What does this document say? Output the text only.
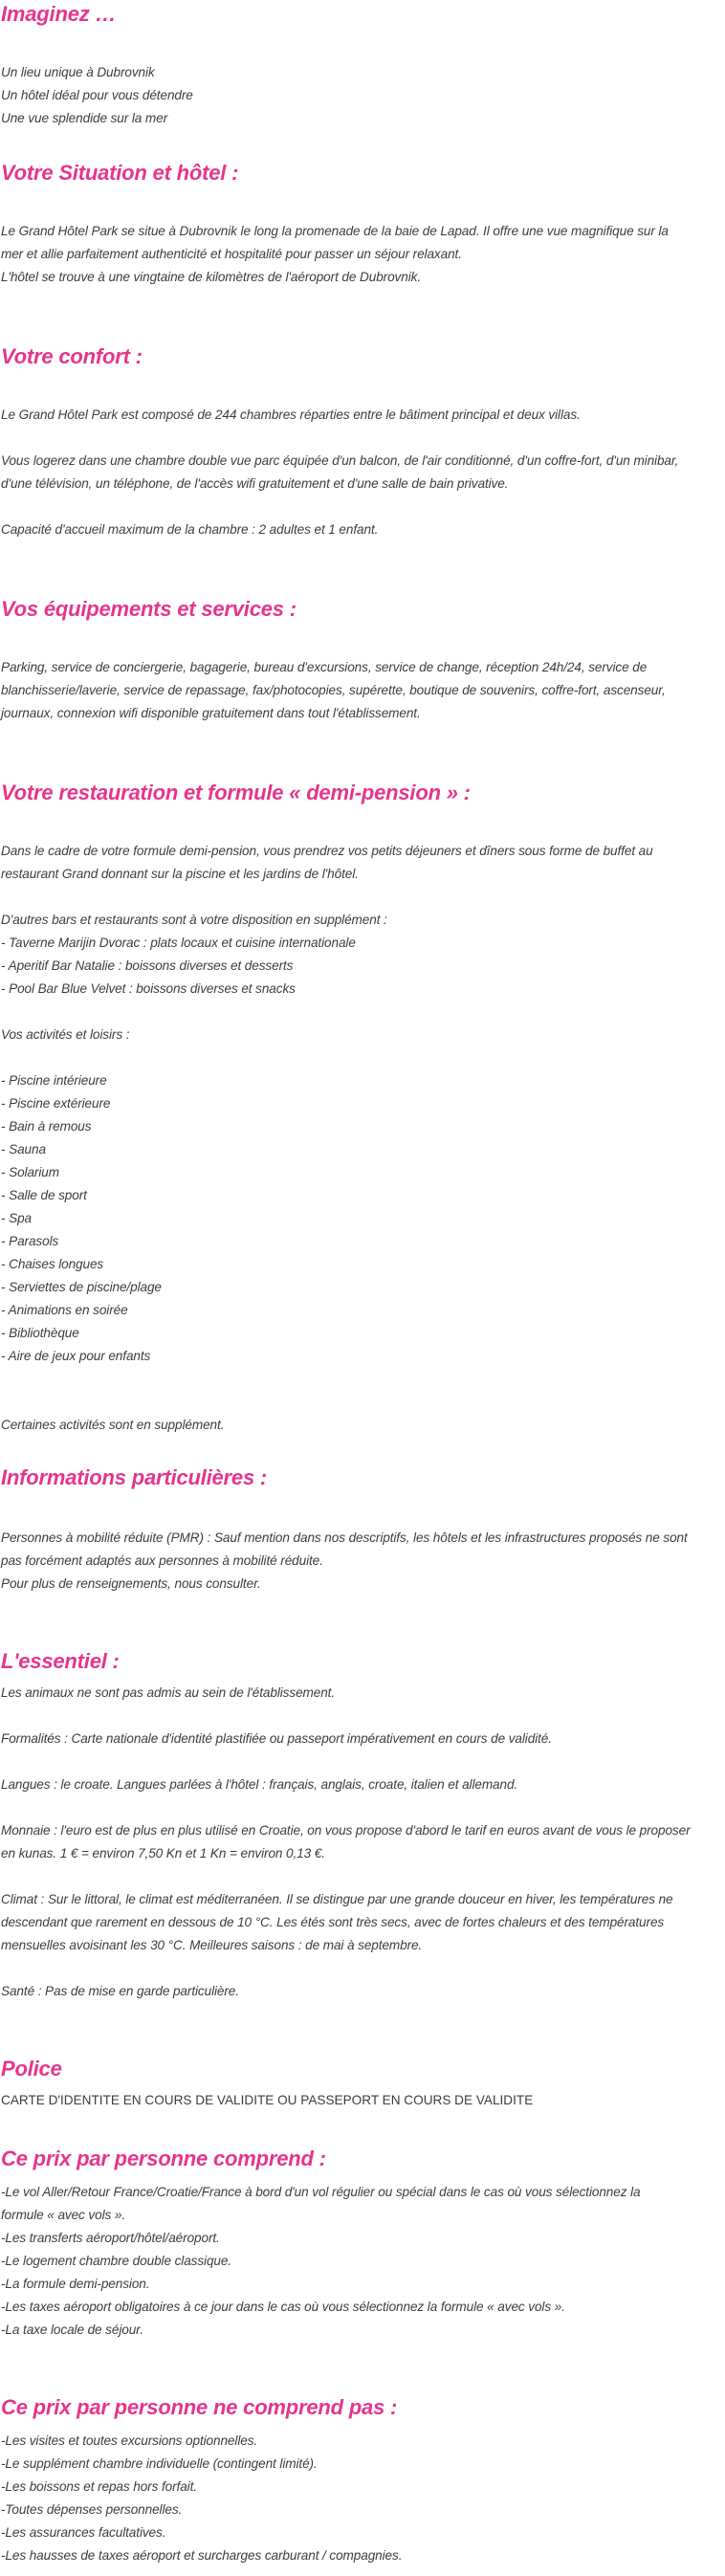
Imaginez …

Un lieu unique à Dubrovnik

Un hôtel idéal pour vous détendre

Une vue splendide sur la mer

Votre Situation et hôtel :

Le Grand Hôtel Park se situe à Dubrovnik le long la promenade de la baie de Lapad. Il offre une vue magnifique sur la

mer et allie parfaitement authenticité et hospitalité pour passer un séjour relaxant.

L'hôtel se trouve à une vingtaine de kilomètres de l'aéroport de Dubrovnik.

Votre confort :

Le Grand Hôtel Park est composé de 244 chambres réparties entre le bâtiment principal et deux villas.

Vous logerez dans une chambre double vue parc équipée d'un balcon, de l'air conditionné, d'un coffre-fort, d'un minibar,

d'une télévision, un téléphone, de l'accès wifi gratuitement et d'une salle de bain privative.

Capacité d'accueil maximum de la chambre : 2 adultes et 1 enfant.

Vos équipements et services :

Parking, service de conciergerie, bagagerie, bureau d'excursions, service de change, réception 24h/24, service de

blanchisserie/laverie, service de repassage, fax/photocopies, supérette, boutique de souvenirs, coffre-fort, ascenseur,

journaux, connexion wifi disponible gratuitement dans tout l'établissement.

Votre restauration et formule « demi-pension » :

Dans le cadre de votre formule demi-pension, vous prendrez vos petits déjeuners et dîners sous forme de buffet au

restaurant Grand donnant sur la piscine et les jardins de l'hôtel.

D'autres bars et restaurants sont à votre disposition en supplément :

- Taverne Marijin Dvorac : plats locaux et cuisine internationale

- Aperitif Bar Natalie : boissons diverses et desserts

- Pool Bar Blue Velvet : boissons diverses et snacks

Vos activités et loisirs :

- Piscine intérieure

- Piscine extérieure

- Bain à remous

- Sauna

- Solarium

- Salle de sport

- Spa

- Parasols

- Chaises longues

- Serviettes de piscine/plage

- Animations en soirée

- Bibliothèque

- Aire de jeux pour enfants

Certaines activités sont en supplément.

Informations particulières :

Personnes à mobilité réduite (PMR) : Sauf mention dans nos descriptifs, les hôtels et les infrastructures proposés ne sont

pas forcément adaptés aux personnes à mobilité réduite.

Pour plus de renseignements, nous consulter.

L'essentiel :

Les animaux ne sont pas admis au sein de l'établissement.

Formalités : Carte nationale d'identité plastifiée ou passeport impérativement en cours de validité.

Langues : le croate. Langues parlées à l'hôtel : français, anglais, croate, italien et allemand.

Monnaie : l'euro est de plus en plus utilisé en Croatie, on vous propose d'abord le tarif en euros avant de vous le proposer

en kunas. 1 € = environ 7,50 Kn et 1 Kn = environ 0,13 €.

Climat : Sur le littoral, le climat est méditerranéen. Il se distingue par une grande douceur en hiver, les températures ne

descendant que rarement en dessous de 10 °C. Les étés sont très secs, avec de fortes chaleurs et des températures

mensuelles avoisinant les 30 °C. Meilleures saisons : de mai à septembre.

Santé : Pas de mise en garde particulière.

Police

CARTE D'IDENTITE EN COURS DE VALIDITE OU PASSEPORT EN COURS DE VALIDITE

Ce prix par personne comprend :

-Le vol Aller/Retour France/Croatie/France à bord d'un vol régulier ou spécial dans le cas où vous sélectionnez la

formule « avec vols ».

-Les transferts aéroport/hôtel/aéroport.

-Le logement chambre double classique.

-La formule demi-pension.

-Les taxes aéroport obligatoires à ce jour dans le cas où vous sélectionnez la formule « avec vols ».

-La taxe locale de séjour.

Ce prix par personne ne comprend pas :

-Les visites et toutes excursions optionnelles.

-Le supplément chambre individuelle (contingent limité).

-Les boissons et repas hors forfait.

-Toutes dépenses personnelles.

-Les assurances facultatives.

-Les hausses de taxes aéroport et surcharges carburant / compagnies.
